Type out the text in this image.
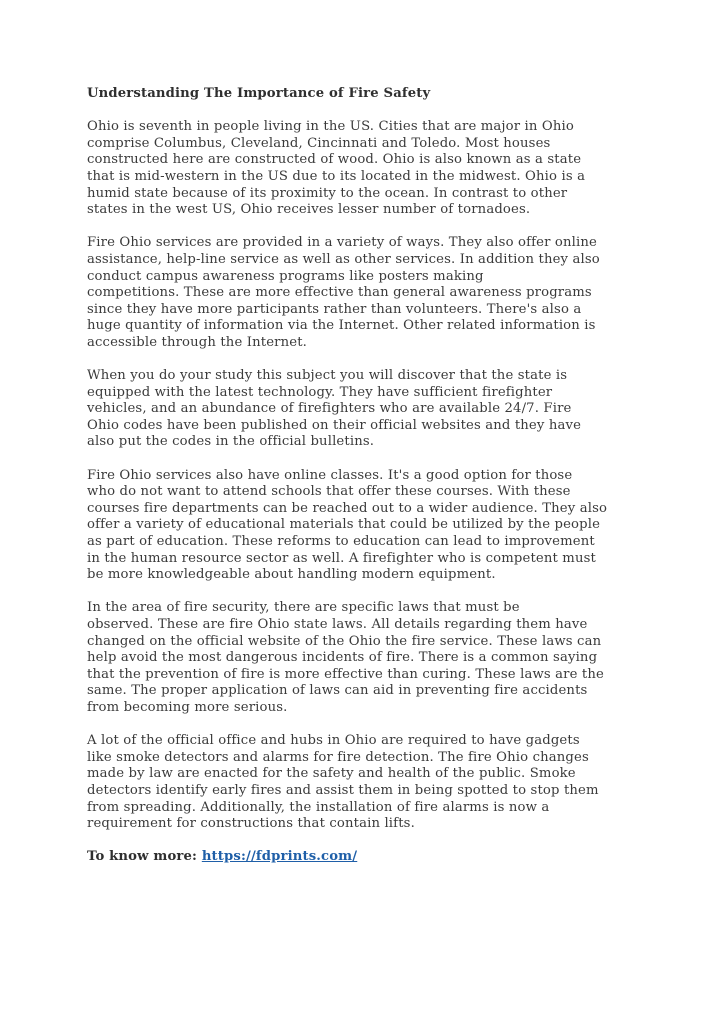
Understanding The Importance of Fire Safety
Ohio is seventh in people living in the US. Cities that are major in Ohio
comprise Columbus, Cleveland, Cincinnati and Toledo. Most houses
constructed here are constructed of wood. Ohio is also known as a state
that is mid-western in the US due to its located in the midwest. Ohio is a
humid state because of its proximity to the ocean. In contrast to other
states in the west US, Ohio receives lesser number of tornadoes.
Fire Ohio services are provided in a variety of ways. They also offer online
assistance, help-line service as well as other services. In addition they also
conduct campus awareness programs like posters making
competitions. These are more effective than general awareness programs
since they have more participants rather than volunteers. There's also a
huge quantity of information via the Internet. Other related information is
accessible through the Internet.
When you do your study this subject you will discover that the state is
equipped with the latest technology. They have sufficient firefighter
vehicles, and an abundance of firefighters who are available 24/7. Fire
Ohio codes have been published on their official websites and they have
also put the codes in the official bulletins.
Fire Ohio services also have online classes. It's a good option for those
who do not want to attend schools that offer these courses. With these
courses fire departments can be reached out to a wider audience. They also
offer a variety of educational materials that could be utilized by the people
as part of education. These reforms to education can lead to improvement
in the human resource sector as well. A firefighter who is competent must
be more knowledgeable about handling modern equipment.
In the area of fire security, there are specific laws that must be
observed. These are fire Ohio state laws. All details regarding them have
changed on the official website of the Ohio the fire service. These laws can
help avoid the most dangerous incidents of fire. There is a common saying
that the prevention of fire is more effective than curing. These laws are the
same. The proper application of laws can aid in preventing fire accidents
from becoming more serious.
A lot of the official office and hubs in Ohio are required to have gadgets
like smoke detectors and alarms for fire detection. The fire Ohio changes
made by law are enacted for the safety and health of the public. Smoke
detectors identify early fires and assist them in being spotted to stop them
from spreading. Additionally, the installation of fire alarms is now a
requirement for constructions that contain lifts.
To know more: https://fdprints.com/
